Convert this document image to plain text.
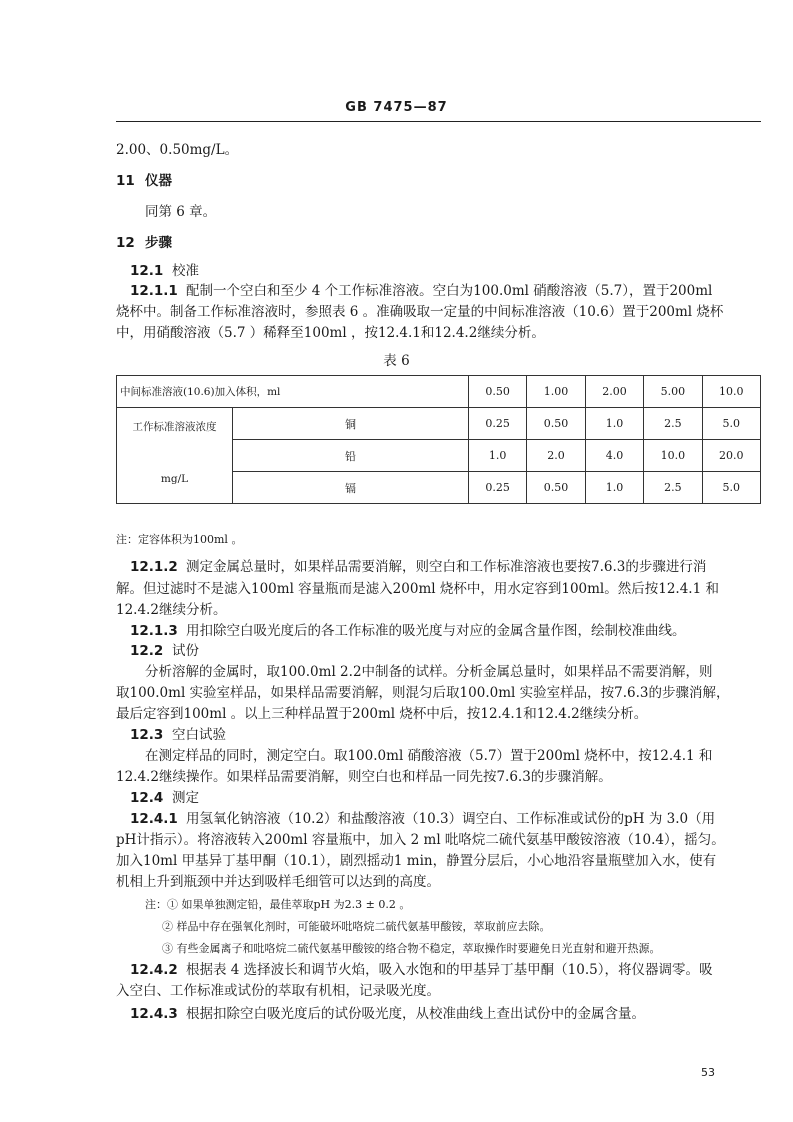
GB 7475—87
2.00、0.50mg/L。
11 仪器
同第 6 章。
12 步骤
12.1 校准
12.1.1 配制一个空白和至少 4 个工作标准溶液。空白为100.0ml 硝酸溶液（5.7），置于200ml
烧杯中。制备工作标准溶液时，参照表 6 。准确吸取一定量的中间标准溶液（10.6）置于200ml 烧杯
中，用硝酸溶液（5.7 ）稀释至100ml ，按12.4.1和12.4.2继续分析。
表 6
中间标准溶液(10.6)加入体积，ml		0.50	1.00	2.00	5.00	10.0

工作标准溶液浓度
mg/L	铜	0.25	0.50	1.0	2.5	5.0
	铅	1.0	2.0	4.0	10.0	20.0
	镉	0.25	0.50	1.0	2.5	5.0
注：定容体积为100ml 。
12.1.2 测定金属总量时，如果样品需要消解，则空白和工作标准溶液也要按7.6.3的步骤进行消
解。但过滤时不是滤入100ml 容量瓶而是滤入200ml 烧杯中，用水定容到100ml。然后按12.4.1 和
12.4.2继续分析。
12.1.3 用扣除空白吸光度后的各工作标准的吸光度与对应的金属含量作图，绘制校准曲线。
12.2 试份
分析溶解的金属时，取100.0ml 2.2中制备的试样。分析金属总量时，如果样品不需要消解，则
取100.0ml 实验室样品，如果样品需要消解，则混匀后取100.0ml 实验室样品，按7.6.3的步骤消解，
最后定容到100ml 。以上三种样品置于200ml 烧杯中后，按12.4.1和12.4.2继续分析。
12.3 空白试验
在测定样品的同时，测定空白。取100.0ml 硝酸溶液（5.7）置于200ml 烧杯中，按12.4.1 和
12.4.2继续操作。如果样品需要消解，则空白也和样品一同先按7.6.3的步骤消解。
12.4 测定
12.4.1 用氢氧化钠溶液（10.2）和盐酸溶液（10.3）调空白、工作标准或试份的pH 为 3.0（用
pH计指示）。将溶液转入200ml 容量瓶中，加入 2 ml 吡咯烷二硫代氨基甲酸铵溶液（10.4），摇匀。
加入10ml 甲基异丁基甲酮（10.1），剧烈摇动1 min，静置分层后，小心地沿容量瓶壁加入水，使有
机相上升到瓶颈中并达到吸样毛细管可以达到的高度。
注：① 如果单独测定铅，最佳萃取pH 为2.3 ± 0.2 。
② 样品中存在强氧化剂时，可能破坏吡咯烷二硫代氨基甲酸铵，萃取前应去除。
③ 有些金属离子和吡咯烷二硫代氨基甲酸铵的络合物不稳定，萃取操作时要避免日光直射和避开热源。
12.4.2 根据表 4 选择波长和调节火焰，吸入水饱和的甲基异丁基甲酮（10.5），将仪器调零。吸
入空白、工作标准或试份的萃取有机相，记录吸光度。
12.4.3 根据扣除空白吸光度后的试份吸光度，从校准曲线上查出试份中的金属含量。
53
